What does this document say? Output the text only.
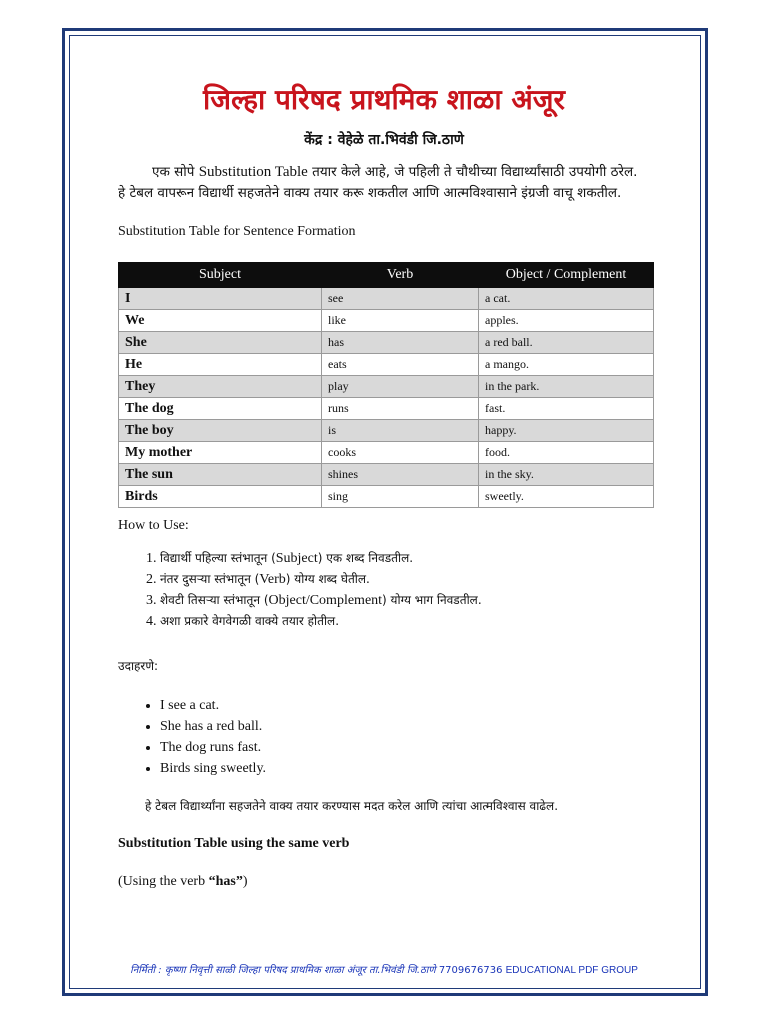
जिल्हा परिषद प्राथमिक शाळा अंजूर
केंद्र : वेहेळे ता.भिवंडी जि.ठाणे
एक सोपे Substitution Table तयार केले आहे, जे पहिली ते चौथीच्या विद्यार्थ्यांसाठी उपयोगी ठरेल. हे टेबल वापरून विद्यार्थी सहजतेने वाक्य तयार करू शकतील आणि आत्मविश्वासाने इंग्रजी वाचू शकतील.
Substitution Table for Sentence Formation
Subject	Verb	Object / Complement
I	see	a cat.
We	like	apples.
She	has	a red ball.
He	eats	a mango.
They	play	in the park.
The dog	runs	fast.
The boy	is	happy.
My mother	cooks	food.
The sun	shines	in the sky.
Birds	sing	sweetly.
How to Use:
1. विद्यार्थी पहिल्या स्तंभातून (Subject) एक शब्द निवडतील.
2. नंतर दुसऱ्या स्तंभातून (Verb) योग्य शब्द घेतील.
3. शेवटी तिसऱ्या स्तंभातून (Object/Complement) योग्य भाग निवडतील.
4. अशा प्रकारे वेगवेगळी वाक्ये तयार होतील.
उदाहरणे:
• I see a cat.
• She has a red ball.
• The dog runs fast.
• Birds sing sweetly.
हे टेबल विद्यार्थ्यांना सहजतेने वाक्य तयार करण्यास मदत करेल आणि त्यांचा आत्मविश्वास वाढेल.
Substitution Table using the same verb
(Using the verb “has”)
निर्मिती : कृष्णा निवृत्ती साळी जिल्हा परिषद प्राथमिक शाळा अंजूर ता.भिवंडी जि.ठाणे 7709676736 EDUCATIONAL PDF GROUP
